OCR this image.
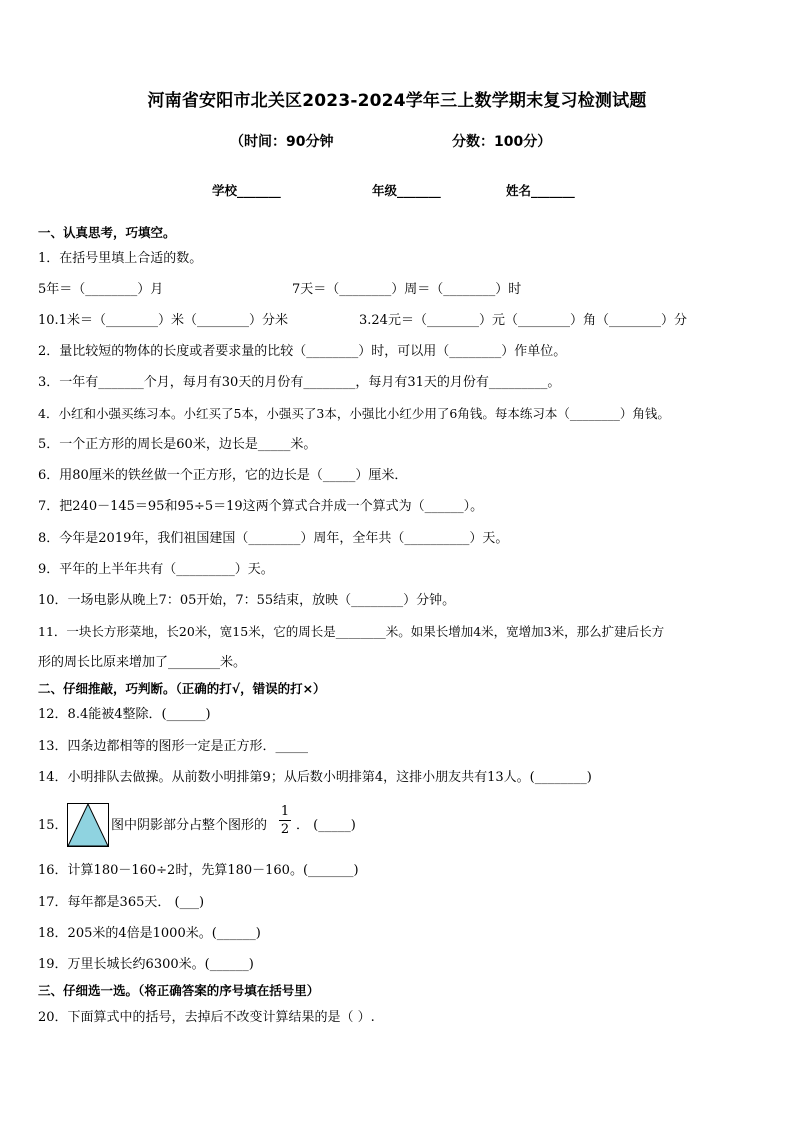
河南省安阳市北关区2023-2024学年三上数学期末复习检测试题
（时间：90分钟	分数：100分）
学校_______	年级_______	姓名_______
一、认真思考，巧填空。
1．在括号里填上合适的数。
5年＝（________）月	7天＝（________）周＝（________）时
10.1米＝（________）米（________）分米	3.24元＝（________）元（________）角（________）分
2．量比较短的物体的长度或者要求量的比较（________）时，可以用（________）作单位。
3．一年有_______个月，每月有30天的月份有________，每月有31天的月份有_________。
4．小红和小强买练习本。小红买了5本，小强买了3本，小强比小红少用了6角钱。每本练习本（________）角钱。
5．一个正方形的周长是60米，边长是_____米。
6．用80厘米的铁丝做一个正方形，它的边长是（_____）厘米．
7．把240－145＝95和95÷5＝19这两个算式合并成一个算式为（______）。
8．今年是2019年，我们祖国建国（________）周年，全年共（__________）天。
9．平年的上半年共有（_________）天。
10．一场电影从晚上7：05开始，7：55结束，放映（________）分钟。
11．一块长方形菜地，长20米，宽15米，它的周长是________米。如果长增加4米，宽增加3米，那么扩建后长方
形的周长比原来增加了________米。
二、仔细推敲，巧判断。（正确的打√，错误的打×）
12．8.4能被4整除．(______)
13．四条边都相等的图形一定是正方形．_____
14．小明排队去做操。从前数小明排第9；从后数小明排第4，这排小朋友共有13人。(________)
15．	图中阴影部分占整个图形的
1
2 ． (_____)
16．计算180－160÷2时，先算180－160。(_______)
17．每年都是365天． (___)
18．205米的4倍是1000米。(______)
19．万里长城长约6300米。(______)
三、仔细选一选。（将正确答案的序号填在括号里）
20．下面算式中的括号，去掉后不改变计算结果的是（ ）.
